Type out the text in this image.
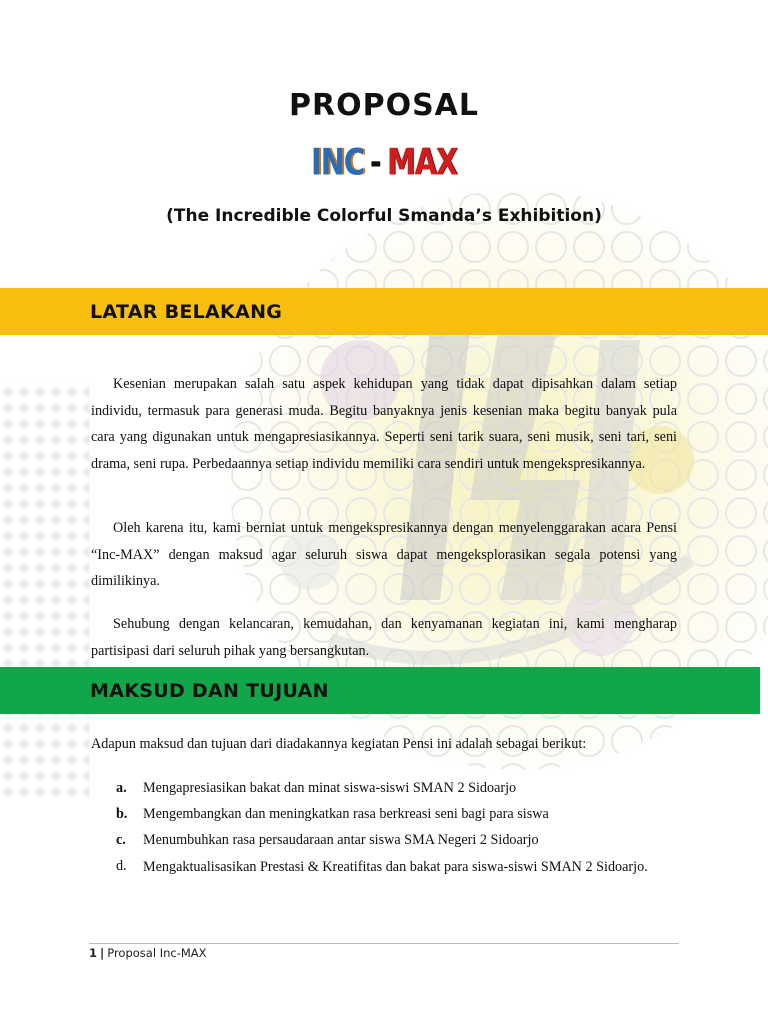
PROPOSAL
INC - MAX
(The Incredible Colorful Smanda’s Exhibition)
LATAR BELAKANG

Kesenian merupakan salah satu aspek kehidupan yang tidak dapat dipisahkan dalam setiap individu, termasuk para generasi muda. Begitu banyaknya jenis kesenian maka begitu banyak pula cara yang digunakan untuk mengapresiasikannya. Seperti seni tarik suara, seni musik, seni tari, seni drama, seni rupa. Perbedaannya setiap individu memiliki cara sendiri untuk mengekspresikannya.

Oleh karena itu, kami berniat untuk mengekspresikannya dengan menyelenggarakan acara Pensi “Inc-MAX” dengan maksud agar seluruh siswa dapat mengeksplorasikan segala potensi yang dimilikinya.

Sehubung dengan kelancaran, kemudahan, dan kenyamanan kegiatan ini, kami mengharap partisipasi dari seluruh pihak yang bersangkutan.

MAKSUD DAN TUJUAN

Adapun maksud dan tujuan dari diadakannya kegiatan Pensi ini adalah sebagai berikut:

a.	Mengapresiasikan bakat dan minat siswa-siswi SMAN 2 Sidoarjo
b.	Mengembangkan dan meningkatkan rasa berkreasi seni bagi para siswa
c.	Menumbuhkan rasa persaudaraan antar siswa SMA Negeri 2 Sidoarjo
d.	Mengaktualisasikan Prestasi & Kreatifitas dan bakat para siswa-siswi SMAN 2 Sidoarjo.
1 | Proposal Inc-MAX
